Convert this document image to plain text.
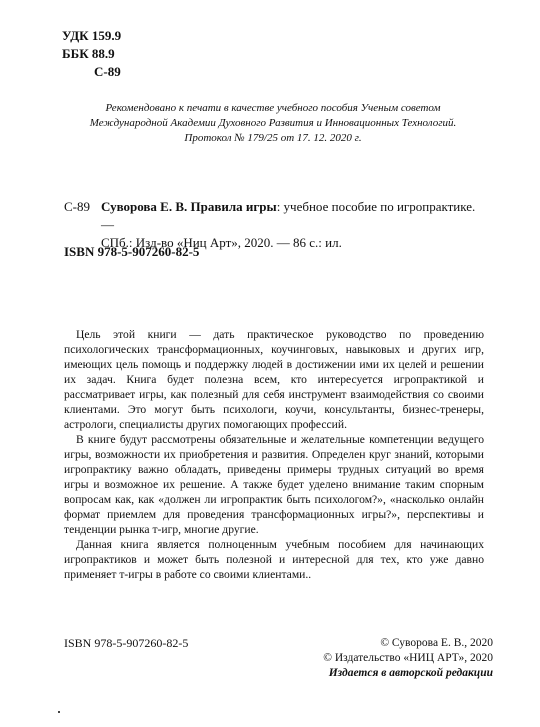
УДК 159.9
ББК 88.9
С-89
Рекомендовано к печати в качестве учебного пособия Ученым советом
Международной Академии Духовного Развития и Инновационных Технологий.
Протокол № 179/25 от 17. 12. 2020 г.
С-89 Суворова Е. В. Правила игры: учебное пособие по игропрактике. —
СПб.: Изд-во «Ниц Арт», 2020. — 86 с.: ил.
ISBN 978-5-907260-82-5

Цель этой книги — дать практическое руководство по проведению психологических трансформационных, коучинговых, навыковых и других игр, имеющих цель помощь и поддержку людей в достижении ими их целей и решении их задач. Книга будет полезна всем, кто интересуется игропрактикой и рассматривает игры, как полезный для себя инструмент взаимодействия со своими клиентами. Это могут быть психологи, коучи, консультанты, бизнес-тренеры, астрологи, специалисты других помогающих профессий.

В книге будут рассмотрены обязательные и желательные компетенции ведущего игры, возможности их приобретения и развития. Определен круг знаний, которыми игропрактику важно обладать, приведены примеры трудных ситуаций во время игры и возможное их решение. А также будет уделено внимание таким спорным вопросам как, как «должен ли игропрактик быть психологом?», «насколько онлайн формат приемлем для проведения трансформационных игры?», перспективы и тенденции рынка т-игр, многие другие.

Данная книга является полноценным учебным пособием для начинающих игропрактиков и может быть полезной и интересной для тех, кто уже давно применяет т-игры в работе со своими клиентами..

ISBN 978-5-907260-82-5	© Суворова Е. В., 2020
© Издательство «НИЦ АРТ», 2020
Издается в авторской редакции
